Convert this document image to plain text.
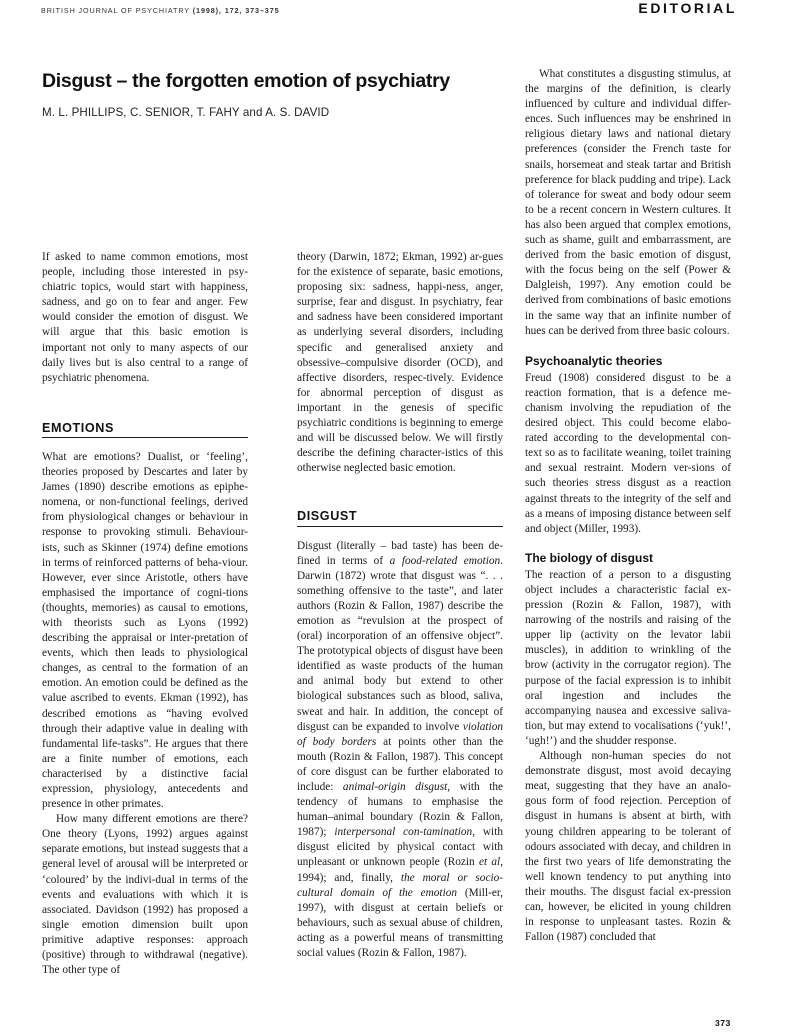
BRITISH JOURNAL OF PSYCHIATRY (1998), 172, 373–375	EDITORIAL
Disgust – the forgotten emotion of psychiatry
M. L. PHILLIPS, C. SENIOR, T. FAHY and A. S. DAVID

If asked to name common emotions, most people, including those interested in psy-chiatric topics, would start with happiness, sadness, and go on to fear and anger. Few would consider the emotion of disgust. We will argue that this basic emotion is important not only to many aspects of our daily lives but is also central to a range of psychiatric phenomena.

EMOTIONS

What are emotions? Dualist, or ‘feeling’, theories proposed by Descartes and later by James (1890) describe emotions as epiphe-nomena, or non-functional feelings, derived from physiological changes or behaviour in response to provoking stimuli. Behaviour-ists, such as Skinner (1974) define emotions in terms of reinforced patterns of beha-viour. However, ever since Aristotle, others have emphasised the importance of cogni-tions (thoughts, memories) as causal to emotions, with theorists such as Lyons (1992) describing the appraisal or inter-pretation of events, which then leads to physiological changes, as central to the formation of an emotion. An emotion could be defined as the value ascribed to events. Ekman (1992), has described emotions as “having evolved through their adaptive value in dealing with fundamental life-tasks”. He argues that there are a finite number of emotions, each characterised by a distinctive facial expression, physiology, antecedents and presence in other primates.

How many different emotions are there? One theory (Lyons, 1992) argues against separate emotions, but instead suggests that a general level of arousal will be interpreted or ‘coloured’ by the indivi-dual in terms of the events and evaluations with which it is associated. Davidson (1992) has proposed a single emotion dimension built upon primitive adaptive responses: approach (positive) through to withdrawal (negative). The other type of

theory (Darwin, 1872; Ekman, 1992) ar-gues for the existence of separate, basic emotions, proposing six: sadness, happi-ness, anger, surprise, fear and disgust. In psychiatry, fear and sadness have been considered important as underlying several disorders, including specific and generalised anxiety and obsessive–compulsive disorder (OCD), and affective disorders, respec-tively. Evidence for abnormal perception of disgust as important in the genesis of specific psychiatric conditions is beginning to emerge and will be discussed below. We will firstly describe the defining character-istics of this otherwise neglected basic emotion.

DISGUST

Disgust (literally – bad taste) has been de-fined in terms of a food-related emotion. Darwin (1872) wrote that disgust was “. . . something offensive to the taste”, and later authors (Rozin & Fallon, 1987) describe the emotion as “revulsion at the prospect of (oral) incorporation of an offensive object”. The prototypical objects of disgust have been identified as waste products of the human and animal body but extend to other biological substances such as blood, saliva, sweat and hair. In addition, the concept of disgust can be expanded to involve violation of body borders at points other than the mouth (Rozin & Fallon, 1987). This concept of core disgust can be further elaborated to include: animal-origin disgust, with the tendency of humans to emphasise the human–animal boundary (Rozin & Fallon, 1987); interpersonal con-tamination, with disgust elicited by physical contact with unpleasant or unknown people (Rozin et al, 1994); and, finally, the moral or socio-cultural domain of the emotion (Mill-er, 1997), with disgust at certain beliefs or behaviours, such as sexual abuse of children, acting as a powerful means of transmitting social values (Rozin & Fallon, 1987).

What constitutes a disgusting stimulus, at the margins of the definition, is clearly influenced by culture and individual differ-ences. Such influences may be enshrined in religious dietary laws and national dietary preferences (consider the French taste for snails, horsemeat and steak tartar and British preference for black pudding and tripe). Lack of tolerance for sweat and body odour seem to be a recent concern in Western cultures. It has also been argued that complex emotions, such as shame, guilt and embarrassment, are derived from the basic emotion of disgust, with the focus being on the self (Power & Dalgleish, 1997). Any emotion could be derived from combinations of basic emotions in the same way that an infinite number of hues can be derived from three basic colours.

Psychoanalytic theories

Freud (1908) considered disgust to be a reaction formation, that is a defence me-chanism involving the repudiation of the desired object. This could become elabo-rated according to the developmental con-text so as to facilitate weaning, toilet training and sexual restraint. Modern ver-sions of such theories stress disgust as a reaction against threats to the integrity of the self and as a means of imposing distance between self and object (Miller, 1993).

The biology of disgust

The reaction of a person to a disgusting object includes a characteristic facial ex-pression (Rozin & Fallon, 1987), with narrowing of the nostrils and raising of the upper lip (activity on the levator labii muscles), in addition to wrinkling of the brow (activity in the corrugator region). The purpose of the facial expression is to inhibit oral ingestion and includes the accompanying nausea and excessive saliva-tion, but may extend to vocalisations (‘yuk!’, ‘ugh!’) and the shudder response.

Although non-human species do not demonstrate disgust, most avoid decaying meat, suggesting that they have an analo-gous form of food rejection. Perception of disgust in humans is absent at birth, with young children appearing to be tolerant of odours associated with decay, and children in the first two years of life demonstrating the well known tendency to put anything into their mouths. The disgust facial ex-pression can, however, be elicited in young children in response to unpleasant tastes. Rozin & Fallon (1987) concluded that

373
